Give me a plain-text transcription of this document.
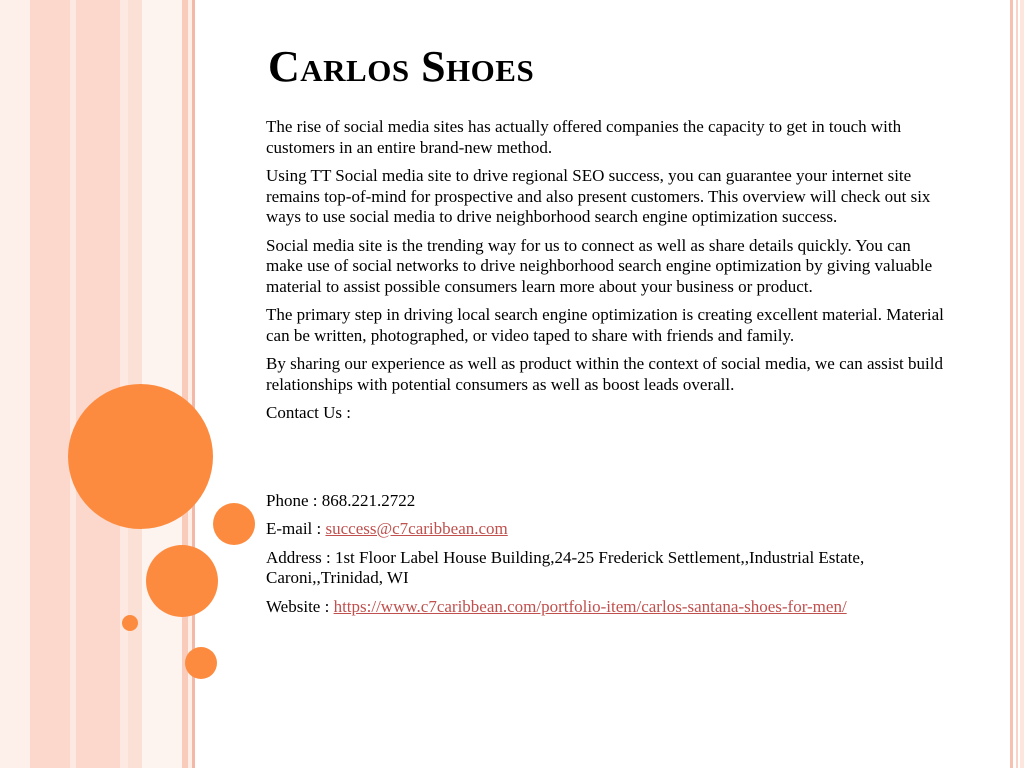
Carlos Shoes

The rise of social media sites has actually offered companies the capacity to get in touch with customers in an entire brand-new method.

Using TT Social media site to drive regional SEO success, you can guarantee your internet site remains top-of-mind for prospective and also present customers. This overview will check out six ways to use social media to drive neighborhood search engine optimization success.

Social media site is the trending way for us to connect as well as share details quickly. You can make use of social networks to drive neighborhood search engine optimization by giving valuable material to assist possible consumers learn more about your business or product.

The primary step in driving local search engine optimization is creating excellent material. Material can be written, photographed, or video taped to share with friends and family.

By sharing our experience as well as product within the context of social media, we can assist build relationships with potential consumers as well as boost leads overall.

Contact Us :

Phone : 868.221.2722

E-mail : success@c7caribbean.com

Address : 1st Floor Label House Building,24-25 Frederick Settlement,,Industrial Estate, Caroni,,Trinidad, WI

Website : https://www.c7caribbean.com/portfolio-item/carlos-santana-shoes-for-men/
